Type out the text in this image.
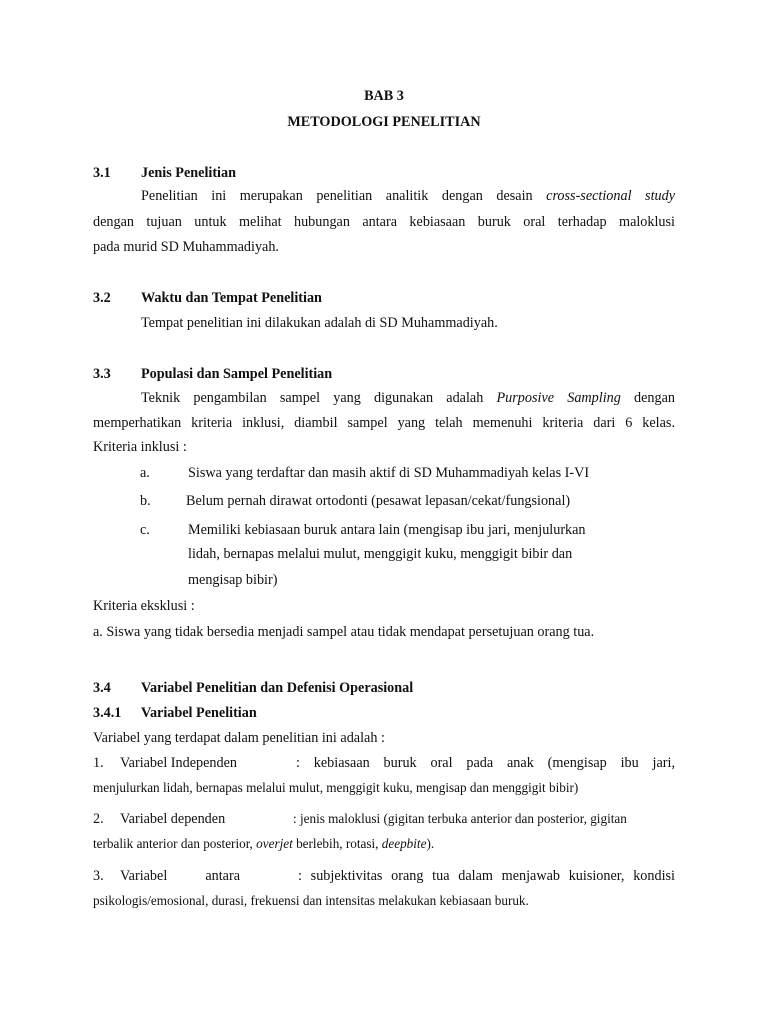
BAB 3
METODOLOGI PENELITIAN
3.1 Jenis Penelitian
Penelitian ini merupakan penelitian analitik dengan desain cross-sectional study
dengan tujuan untuk melihat hubungan antara kebiasaan buruk oral terhadap maloklusi
pada murid SD Muhammadiyah.
3.2 Waktu dan Tempat Penelitian
Tempat penelitian ini dilakukan adalah di SD Muhammadiyah.
3.3 Populasi dan Sampel Penelitian
Teknik pengambilan sampel yang digunakan adalah Purposive Sampling dengan
memperhatikan kriteria inklusi, diambil sampel yang telah memenuhi kriteria dari 6 kelas.
Kriteria inklusi :
a.	Siswa yang terdaftar dan masih aktif di SD Muhammadiyah kelas I-VI
b. Belum pernah dirawat ortodonti (pesawat lepasan/cekat/fungsional)
c.	Memiliki kebiasaan buruk antara lain (mengisap ibu jari, menjulurkan
lidah, bernapas melalui mulut, menggigit kuku, menggigit bibir dan
mengisap bibir)
Kriteria eksklusi :
a. Siswa yang tidak bersedia menjadi sampel atau tidak mendapat persetujuan orang tua.
3.4 Variabel Penelitian dan Defenisi Operasional
3.4.1 Variabel Penelitian
Variabel yang terdapat dalam penelitian ini adalah :
1. Variabel Independen	: kebiasaan buruk oral pada anak (mengisap ibu jari,
menjulurkan lidah, bernapas melalui mulut, menggigit kuku, mengisap dan menggigit bibir)
2. Variabel dependen	: jenis maloklusi (gigitan terbuka anterior dan posterior, gigitan
terbalik anterior dan posterior, overjet berlebih, rotasi, deepbite).
3. Variabel antara	: subjektivitas orang tua dalam menjawab kuisioner, kondisi
psikologis/emosional, durasi, frekuensi dan intensitas melakukan kebiasaan buruk.
